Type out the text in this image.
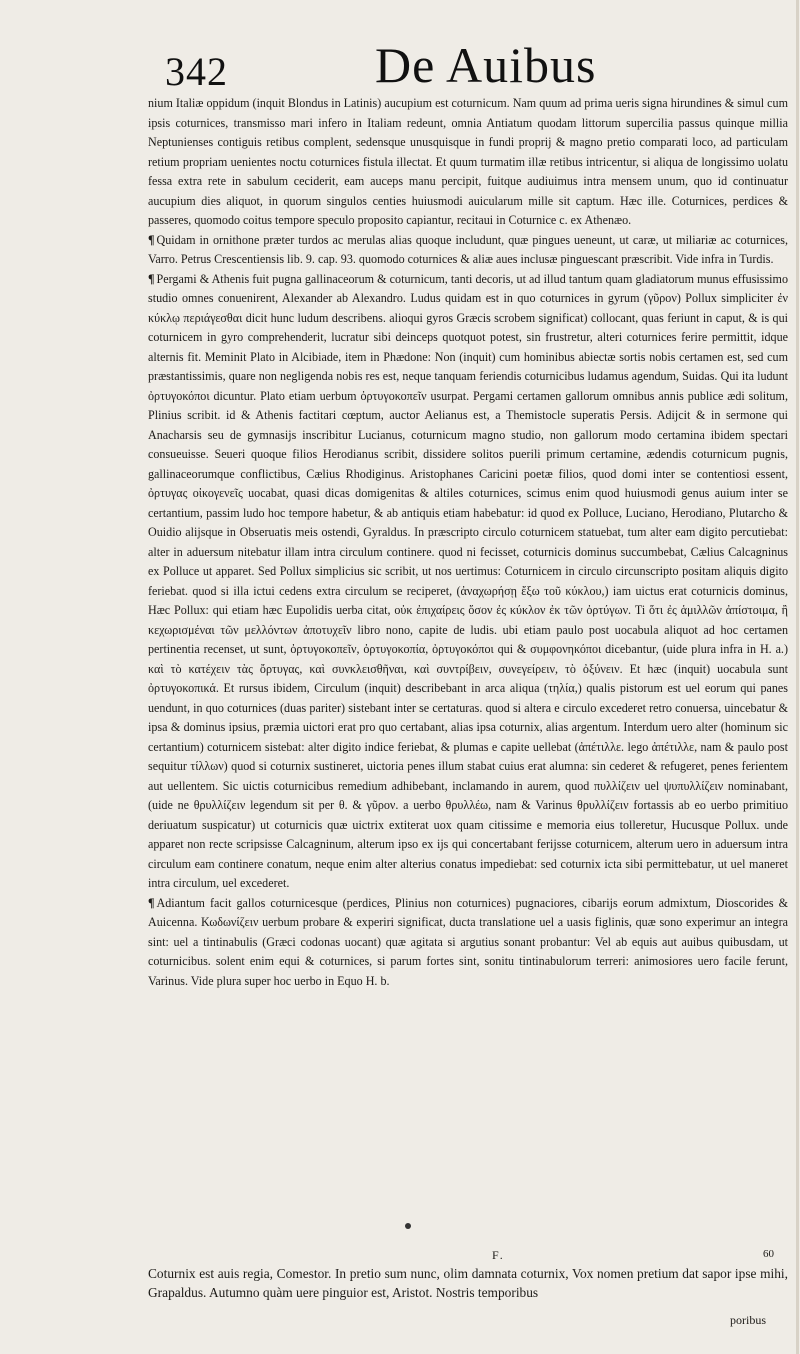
342	De Auibus

nium Italiæ oppidum (inquit Blondus in Latinis) aucupium est coturnicum. Nam quum ad prima ueris signa hirundines & simul cum ipsis coturnices, transmisso mari infero in Italiam redeunt, omnia Antiatum quodam littorum supercilia passus quinque millia Neptunienses contiguis retibus complent, sedensque unusquisque in fundi proprij & magno pretio comparati loco, ad particulam retium propriam uenientes noctu coturnices fistula illectat. Et quum turmatim illæ retibus intricentur, si aliqua de longissimo uolatu fessa extra rete in sabulum ceciderit, eam auceps manu percipit, fuitque audiuimus intra mensem unum, quo id continuatur aucupium dies aliquot, in quorum singulos centies huiusmodi auicularum mille sit captum. Hæc ille. Coturnices, perdices & passeres, quomodo coitus tempore speculo proposito capiantur, recitaui in Coturnice c. ex Athenæo.

¶ Quidam in ornithone præter turdos ac merulas alias quoque includunt, quæ pingues ueneunt, ut caræ, ut miliariæ ac coturnices, Varro. Petrus Crescentiensis lib. 9. cap. 93. quomodo coturnices & aliæ aues inclusæ pinguescant præscribit. Vide infra in Turdis.

¶ Pergami & Athenis fuit pugna gallinaceorum & coturnicum, tanti decoris, ut ad illud tantum quam gladiatorum munus effusissimo studio omnes conuenirent, Alexander ab Alexandro. Ludus quidam est in quo coturnices in gyrum (γῦρον) Pollux simpliciter ἐν κύκλῳ περιάγεσθαι dicit hunc ludum describens. alioqui gyros Græcis scrobem significat) collocant, quas feriunt in caput, & is qui coturnicem in gyro comprehenderit, lucratur sibi deinceps quotquot potest, sin frustretur, alteri coturnices ferire permittit, idque alternis fit. Meminit Plato in Alcibiade, item in Phædone: Non (inquit) cum hominibus abiectæ sortis nobis certamen est, sed cum præstantissimis, quare non negligenda nobis res est, neque tanquam feriendis coturnicibus ludamus agendum, Suidas. Qui ita ludunt ὀρτυγοκόποι dicuntur. Plato etiam uerbum ὀρτυγοκοπεῖν usurpat. Pergami certamen gallorum omnibus annis publice ædi solitum, Plinius scribit. id & Athenis factitari cœptum, auctor Aelianus est, a Themistocle superatis Persis. Adijcit & in sermone qui Anacharsis seu de gymnasijs inscribitur Lucianus, coturnicum magno studio, non gallorum modo certamina ibidem spectari consueuisse. Seueri quoque filios Herodianus scribit, dissidere solitos puerili primum certamine, ædendis coturnicum pugnis, gallinaceorumque conflictibus, Cælius Rhodiginus. Aristophanes Caricini poetæ filios, quod domi inter se contentiosi essent, ὀρτυγας οἰκογενεῖς uocabat, quasi dicas domigenitas & altiles coturnices, scimus enim quod huiusmodi genus auium inter se certantium, passim ludo hoc tempore habetur, & ab antiquis etiam habebatur: id quod ex Polluce, Luciano, Herodiano, Plutarcho & Ouidio alijsque in Obseruatis meis ostendi, Gyraldus. In præscripto circulo coturnicem statuebat, tum alter eam digito percutiebat: alter in aduersum nitebatur illam intra circulum continere. quod ni fecisset, coturnicis dominus succumbebat, Cælius Calcagninus ex Polluce ut apparet. Sed Pollux simplicius sic scribit, ut nos uertimus: Coturnicem in circulo circunscripto positam aliquis digito feriebat. quod si illa ictui cedens extra circulum se reciperet, (ἀναχωρήσῃ ἔξω τοῦ κύκλου,) iam uictus erat coturnicis dominus, Hæc Pollux: qui etiam hæc Eupolidis uerba citat, οὐκ ἐπιχαίρεις ὅσον ἐς κύκλον ἐκ τῶν ὀρτύγων. Ti ὅτι ἐς ἁμιλλῶν ἀπίστοιμα, ἢ κεχωρισμέναι τῶν μελλόντων ἀποτυχεῖν libro nono, capite de ludis. ubi etiam paulo post uocabula aliquot ad hoc certamen pertinentia recenset, ut sunt, ὀρτυγοκοπεῖν, ὀρτυγοκοπία, ὀρτυγοκόποι qui & συμφονηκόποι dicebantur, (uide plura infra in H. a.) καὶ τὸ κατέχειν τὰς ὄρτυγας, καὶ συνκλεισθῆναι, καὶ συντρίβειν, συνεγείρειν, τὸ ὀξύνειν. Et hæc (inquit) uocabula sunt ὀρτυγοκοπικά. Et rursus ibidem, Circulum (inquit) describebant in arca aliqua (τηλία,) qualis pistorum est uel eorum qui panes uendunt, in quo coturnices (duas pariter) sistebant inter se certaturas. quod si altera e circulo excederet retro conuersa, uincebatur & ipsa & dominus ipsius, præmia uictori erat pro quo certabant, alias ipsa coturnix, alias argentum. Interdum uero alter (hominum sic certantium) coturnicem sistebat: alter digito indice feriebat, & plumas e capite uellebat (ἀπέτιλλε. lego ἀπέτιλλε, nam & paulo post sequitur τίλλων) quod si coturnix sustineret, uictoria penes illum stabat cuius erat alumna: sin cederet & refugeret, penes ferientem aut uellentem. Sic uictis coturnicibus remedium adhibebant, inclamando in aurem, quod πυλλίζειν uel ψυπυλλίζειν nominabant, (uide ne θρυλλίζειν legendum sit per θ. & γῦρον. a uerbo θρυλλέω, nam & Varinus θρυλλίζειν fortassis ab eo uerbo primitiuo deriuatum suspicatur) ut coturnicis quæ uictrix extiterat uox quam citissime e memoria eius tolleretur, Hucusque Pollux. unde apparet non recte scripsisse Calcagninum, alterum ipso ex ijs qui concertabant ferijsse coturnicem, alterum uero in aduersum intra circulum eam continere conatum, neque enim alter alterius conatus impediebat: sed coturnix icta sibi permittebatur, ut uel maneret intra circulum, uel excederet.

¶ Adiantum facit gallos coturnicesque (perdices, Plinius non coturnices) pugnaciores, cibarijs eorum admixtum, Dioscorides & Auicenna. Κωδωνίζειν uerbum probare & experiri significat, ducta translatione uel a uasis figlinis, quæ sono experimur an integra sint: uel a tintinabulis (Græci codonas uocant) quæ agitata si argutius sonant probantur: Vel ab equis aut auibus quibusdam, ut coturnicibus. solent enim equi & coturnices, si parum fortes sint, sonitu tintinabulorum terreri: animosiores uero facile ferunt, Varinus. Vide plura super hoc uerbo in Equo H. b.

F.	60
Coturnix est auis regia, Comestor. In pretio sum nunc, olim damnata coturnix, Vox nomen pretium dat sapor ipse mihi, Grapaldus. Autumno quàm uere pinguior est, Aristot. Nostris temporibus
poribus
